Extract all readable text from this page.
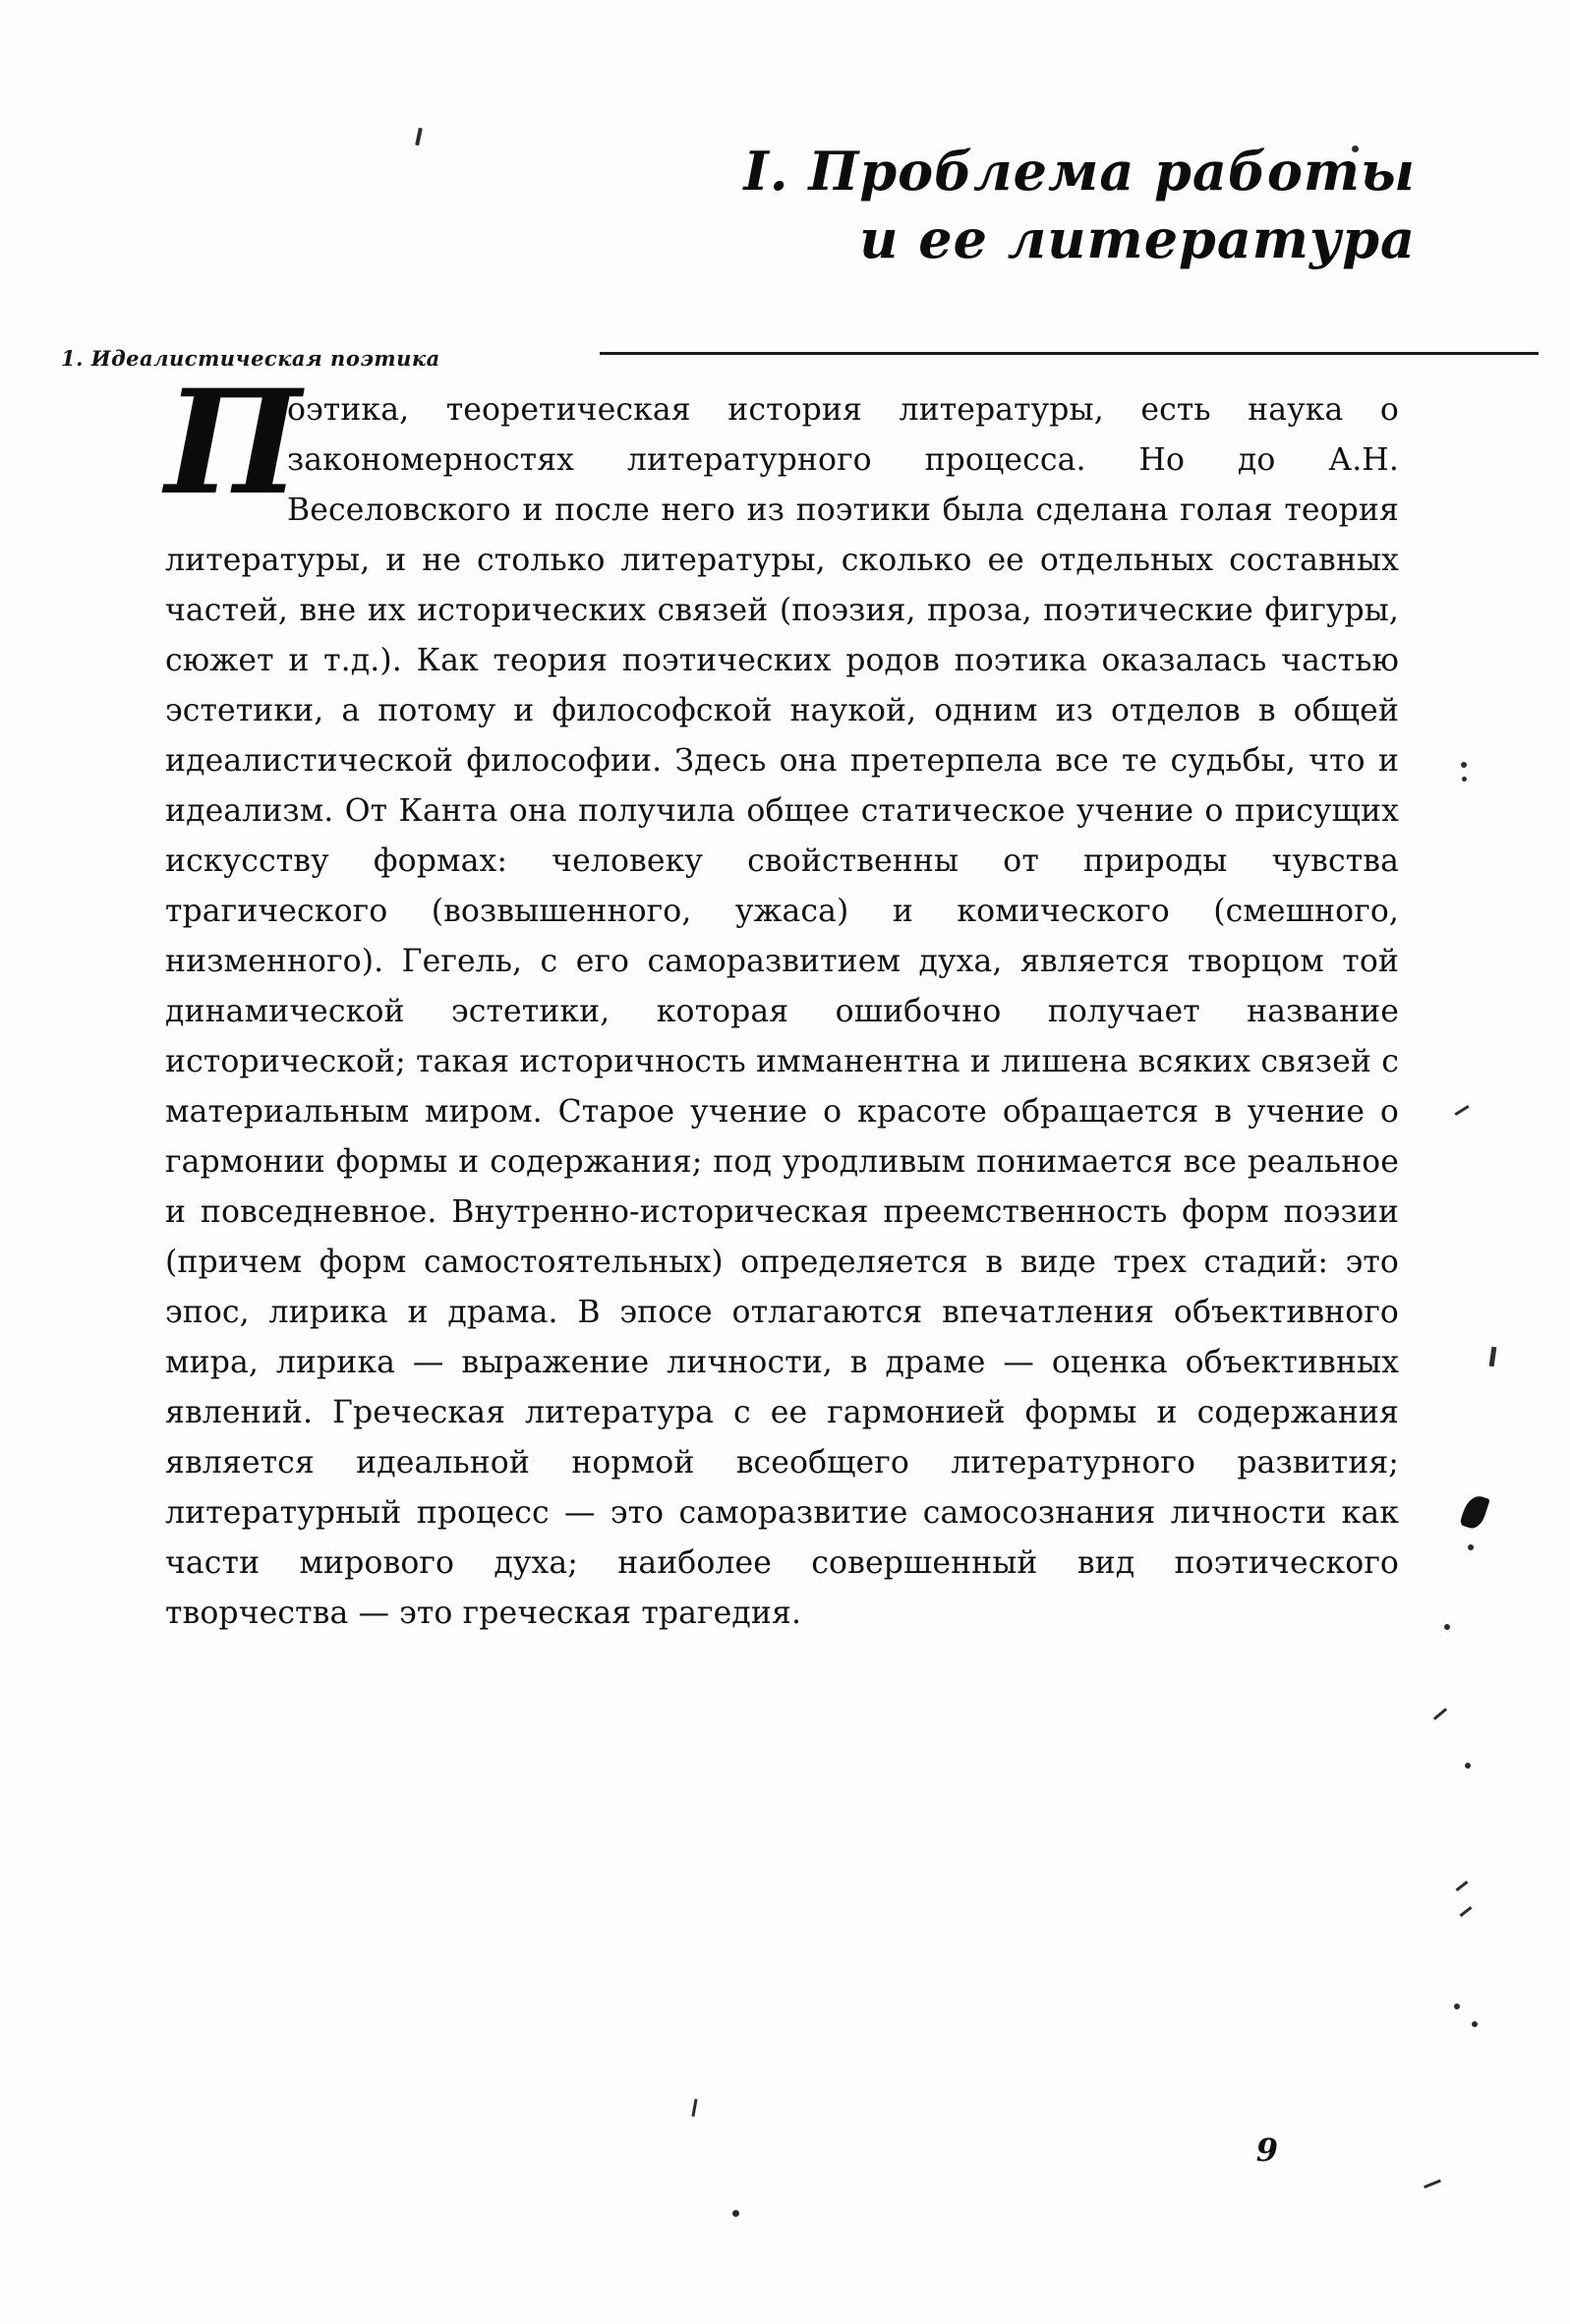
I. Проблема работы
и ее литература
1. Идеалистическая поэтика
П
оэтика, теоретическая история литературы, есть наука о закономерностях литературного процесса. Но до А.Н. Веселовского и после него из поэтики была сделана голая теория литературы, и не столько литературы, сколько ее отдельных составных частей, вне их исторических связей (поэзия, проза, поэтические фигуры, сюжет и т.д.). Как теория поэтических родов поэтика оказалась частью эстетики, а потому и философской наукой, одним из отделов в общей идеалистической философии. Здесь она претерпела все те судьбы, что и идеализм. От Канта она получила общее статическое учение о присущих искусству формах: человеку свойственны от природы чувства трагического (возвышенного, ужаса) и комического (смешного, низменного). Гегель, с его саморазвитием духа, является творцом той динамической эстетики, которая ошибочно получает название исторической; такая историчность имманентна и лишена всяких связей с материальным миром. Старое учение о красоте обращается в учение о гармонии формы и содержания; под уродливым понимается все реальное и повседневное. Внутренно-историческая преемственность форм поэзии (причем форм самостоятельных) определяется в виде трех стадий: это эпос, лирика и драма. В эпосе отлагаются впечатления объективного мира, лирика — выражение личности, в драме — оценка объективных явлений. Греческая литература с ее гармонией формы и содержания является идеальной нормой всеобщего литературного развития; литературный процесс — это саморазвитие самосознания личности как части мирового духа; наиболее совершенный вид поэтического творчества — это греческая трагедия.
9
